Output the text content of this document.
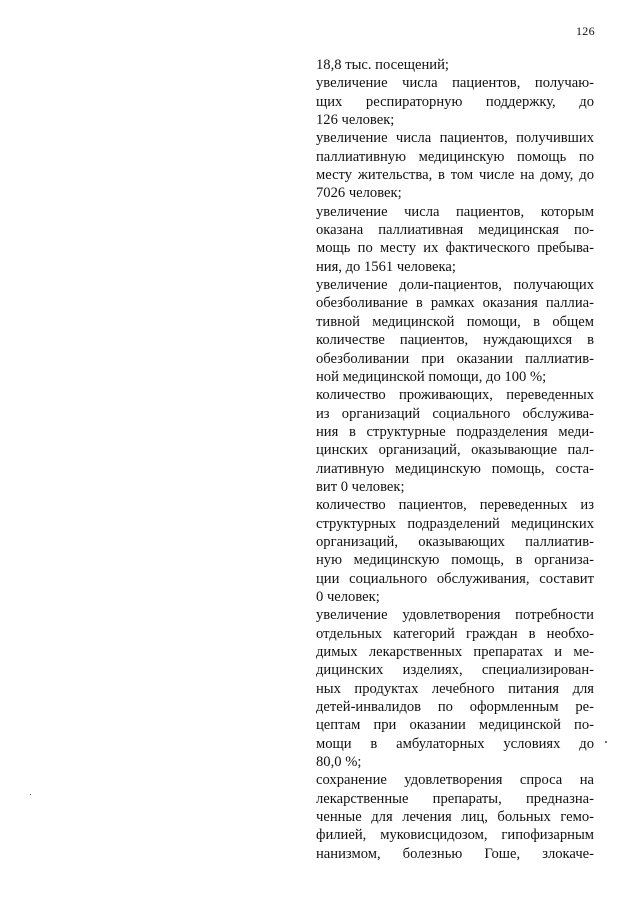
126
18,8 тыс. посещений;
увеличение числа пациентов, получаю-
щих респираторную поддержку, до
126 человек;
увеличение числа пациентов, получивших
паллиативную медицинскую помощь по
месту жительства, в том числе на дому, до
7026 человек;
увеличение числа пациентов, которым
оказана паллиативная медицинская по-
мощь по месту их фактического пребыва-
ния, до 1561 человека;
увеличение доли-пациентов, получающих
обезболивание в рамках оказания паллиа-
тивной медицинской помощи, в общем
количестве пациентов, нуждающихся в
обезболивании при оказании паллиатив-
ной медицинской помощи, до 100 %;
количество проживающих, переведенных
из организаций социального обслужива-
ния в структурные подразделения меди-
цинских организаций, оказывающие пал-
лиативную медицинскую помощь, соста-
вит 0 человек;
количество пациентов, переведенных из
структурных подразделений медицинских
организаций, оказывающих паллиатив-
ную медицинскую помощь, в организа-
ции социального обслуживания, составит
0 человек;
увеличение удовлетворения потребности
отдельных категорий граждан в необхо-
димых лекарственных препаратах и ме-
дицинских изделиях, специализирован-
ных продуктах лечебного питания для
детей-инвалидов по оформленным ре-
цептам при оказании медицинской по-
мощи в амбулаторных условиях до
80,0 %;
сохранение удовлетворения спроса на
лекарственные препараты, предназна-
ченные для лечения лиц, больных гемо-
филией, муковисцидозом, гипофизарным
нанизмом, болезнью Гоше, злокаче-
